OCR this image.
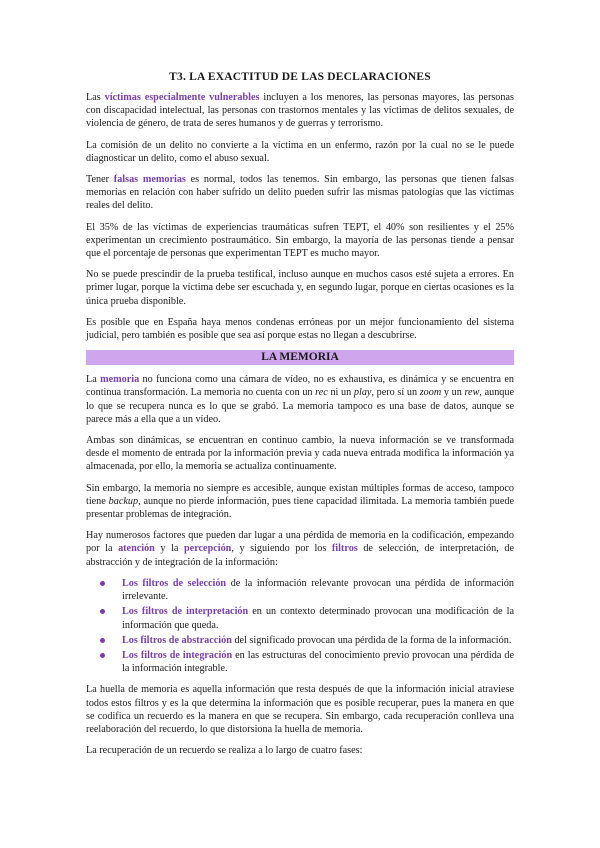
T3. LA EXACTITUD DE LAS DECLARACIONES

Las víctimas especialmente vulnerables incluyen a los menores, las personas mayores, las personas con discapacidad intelectual, las personas con trastornos mentales y las víctimas de delitos sexuales, de violencia de género, de trata de seres humanos y de guerras y terrorismo.

La comisión de un delito no convierte a la víctima en un enfermo, razón por la cual no se le puede diagnosticar un delito, como el abuso sexual.

Tener falsas memorias es normal, todos las tenemos. Sin embargo, las personas que tienen falsas memorias en relación con haber sufrido un delito pueden sufrir las mismas patologías que las víctimas reales del delito.

El 35% de las víctimas de experiencias traumáticas sufren TEPT, el 40% son resilientes y el 25% experimentan un crecimiento postraumático. Sin embargo, la mayoría de las personas tiende a pensar que el porcentaje de personas que experimentan TEPT es mucho mayor.

No se puede prescindir de la prueba testifical, incluso aunque en muchos casos esté sujeta a errores. En primer lugar, porque la víctima debe ser escuchada y, en segundo lugar, porque en ciertas ocasiones es la única prueba disponible.

Es posible que en España haya menos condenas erróneas por un mejor funcionamiento del sistema judicial, pero también es posible que sea así porque estas no llegan a descubrirse.

LA MEMORIA

La memoria no funciona como una cámara de vídeo, no es exhaustiva, es dinámica y se encuentra en continua transformación. La memoria no cuenta con un rec ni un play, pero sí un zoom y un rew, aunque lo que se recupera nunca es lo que se grabó. La memoria tampoco es una base de datos, aunque se parece más a ella que a un vídeo.

Ambas son dinámicas, se encuentran en continuo cambio, la nueva información se ve transformada desde el momento de entrada por la información previa y cada nueva entrada modifica la información ya almacenada, por ello, la memoria se actualiza continuamente.

Sin embargo, la memoria no siempre es accesible, aunque existan múltiples formas de acceso, tampoco tiene backup, aunque no pierde información, pues tiene capacidad ilimitada. La memoria también puede presentar problemas de integración.

Hay numerosos factores que pueden dar lugar a una pérdida de memoria en la codificación, empezando por la atención y la percepción, y siguiendo por los filtros de selección, de interpretación, de abstracción y de integración de la información:

Los filtros de selección de la información relevante provocan una pérdida de información irrelevante.
Los filtros de interpretación en un contexto determinado provocan una modificación de la información que queda.
Los filtros de abstracción del significado provocan una pérdida de la forma de la información.
Los filtros de integración en las estructuras del conocimiento previo provocan una pérdida de la información integrable.

La huella de memoria es aquella información que resta después de que la información inicial atraviese todos estos filtros y es la que determina la información que es posible recuperar, pues la manera en que se codifica un recuerdo es la manera en que se recupera. Sin embargo, cada recuperación conlleva una reelaboración del recuerdo, lo que distorsiona la huella de memoria.

La recuperación de un recuerdo se realiza a lo largo de cuatro fases:
